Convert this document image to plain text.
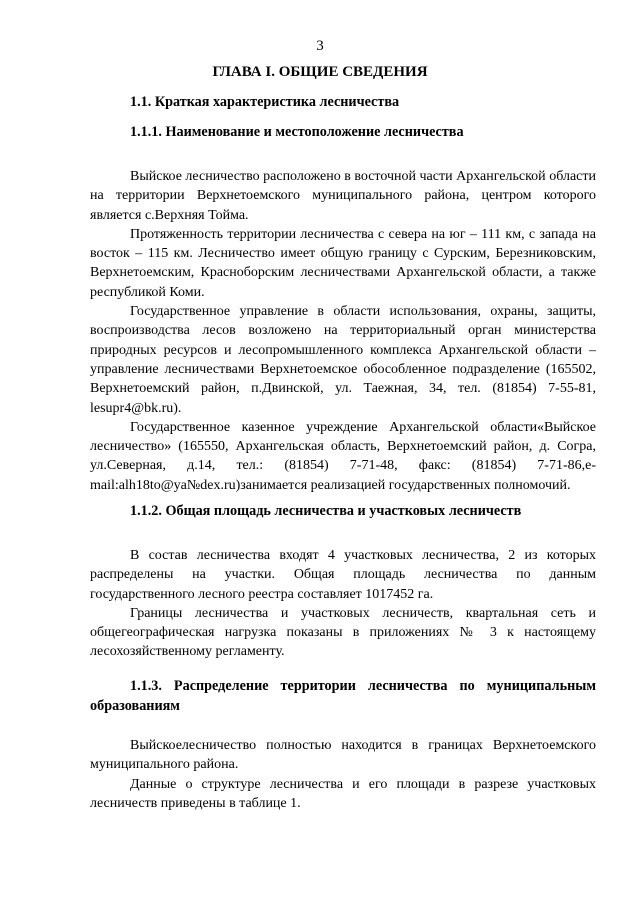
3
ГЛАВА I. ОБЩИЕ СВЕДЕНИЯ
1.1. Краткая характеристика лесничества
1.1.1. Наименование и местоположение лесничества

Выйское лесничество расположено в восточной части Архангельской области на территории Верхнетоемского муниципального района, центром которого является с.Верхняя Тойма.

Протяженность территории лесничества с севера на юг – 111 км, с запада на восток – 115 км. Лесничество имеет общую границу с Сурским, Березниковским, Верхнетоемским, Красноборским лесничествами Архангельской области, а также республикой Коми.

Государственное управление в области использования, охраны, защиты, воспроизводства лесов возложено на территориальный орган министерства природных ресурсов и лесопромышленного комплекса Архангельской области – управление лесничествами Верхнетоемское обособленное подразделение (165502, Верхнетоемский район, п.Двинской, ул. Таежная, 34, тел. (81854) 7-55-81, lesupr4@bk.ru).

Государственное казенное учреждение Архангельской области«Выйское лесничество» (165550, Архангельская область, Верхнетоемский район, д. Согра, ул.Северная, д.14, тел.: (81854) 7-71-48, факс: (81854) 7-71-86,e-mail:alh18to@ya№dex.ru)занимается реализацией государственных полномочий.

1.1.2. Общая площадь лесничества и участковых лесничеств

В состав лесничества входят 4 участковых лесничества, 2 из которых распределены на участки. Общая площадь лесничества по данным государственного лесного реестра составляет 1017452 га.

Границы лесничества и участковых лесничеств, квартальная сеть и общегеографическая нагрузка показаны в приложениях № 3 к настоящему лесохозяйственному регламенту.

1.1.3. Распределение территории лесничества по муниципальным образованиям

Выйскоелесничество полностью находится в границах Верхнетоемского муниципального района.

Данные о структуре лесничества и его площади в разрезе участковых лесничеств приведены в таблице 1.
